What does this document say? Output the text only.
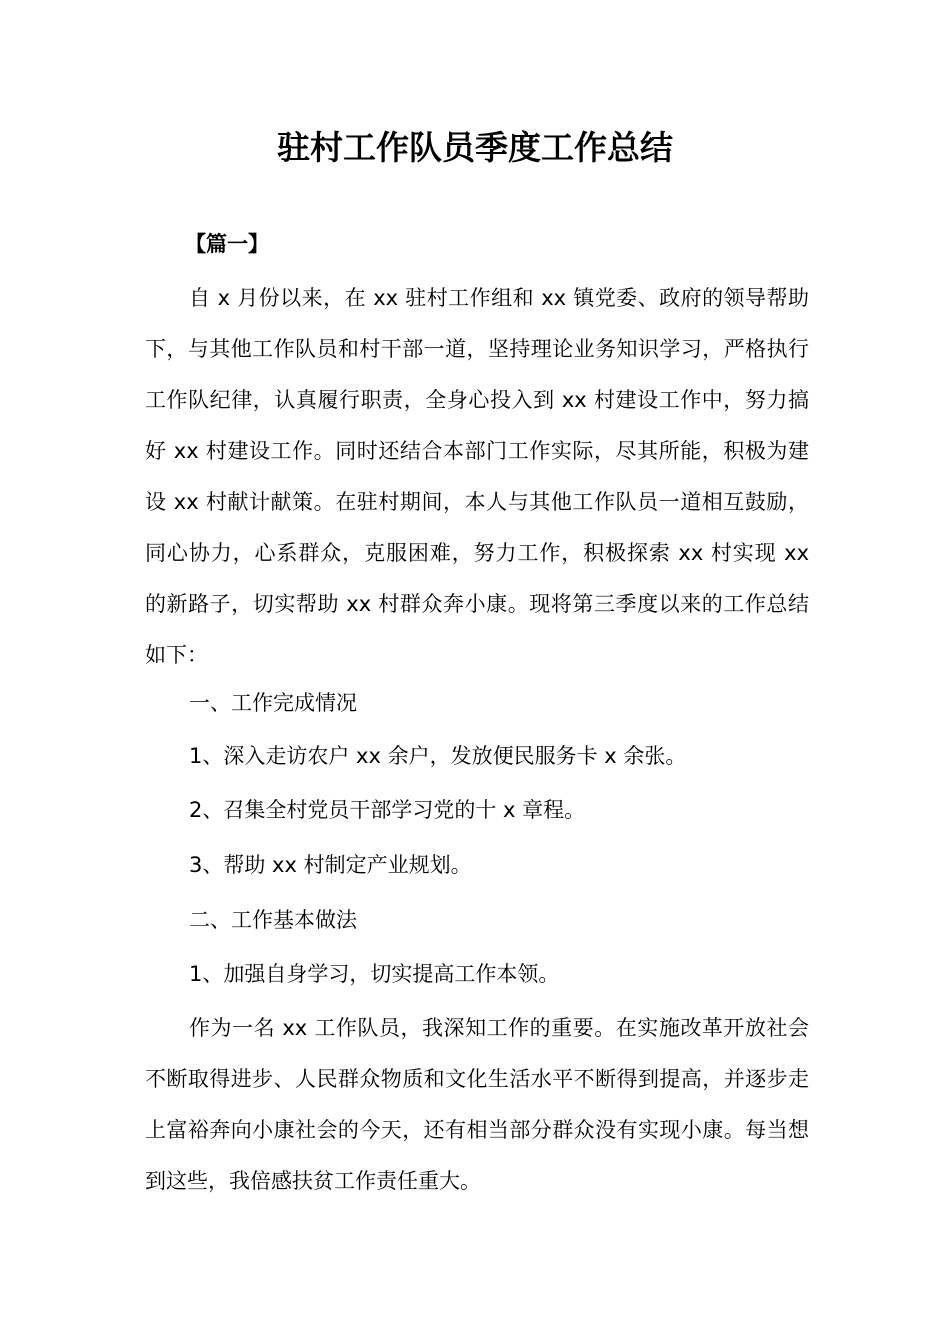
驻村工作队员季度工作总结
【篇一】

自 x 月份以来，在 xx 驻村工作组和 xx 镇党委、政府的领导帮助下，与其他工作队员和村干部一道，坚持理论业务知识学习，严格执行工作队纪律，认真履行职责，全身心投入到 xx 村建设工作中，努力搞好 xx 村建设工作。同时还结合本部门工作实际，尽其所能，积极为建设 xx 村献计献策。在驻村期间，本人与其他工作队员一道相互鼓励，同心协力，心系群众，克服困难，努力工作，积极探索 xx 村实现 xx 的新路子，切实帮助 xx 村群众奔小康。现将第三季度以来的工作总结如下：

一、工作完成情况

1、深入走访农户 xx 余户，发放便民服务卡 x 余张。

2、召集全村党员干部学习党的十 x 章程。

3、帮助 xx 村制定产业规划。

二、工作基本做法

1、加强自身学习，切实提高工作本领。

作为一名 xx 工作队员，我深知工作的重要。在实施改革开放社会不断取得进步、人民群众物质和文化生活水平不断得到提高，并逐步走上富裕奔向小康社会的今天，还有相当部分群众没有实现小康。每当想到这些，我倍感扶贫工作责任重大。
